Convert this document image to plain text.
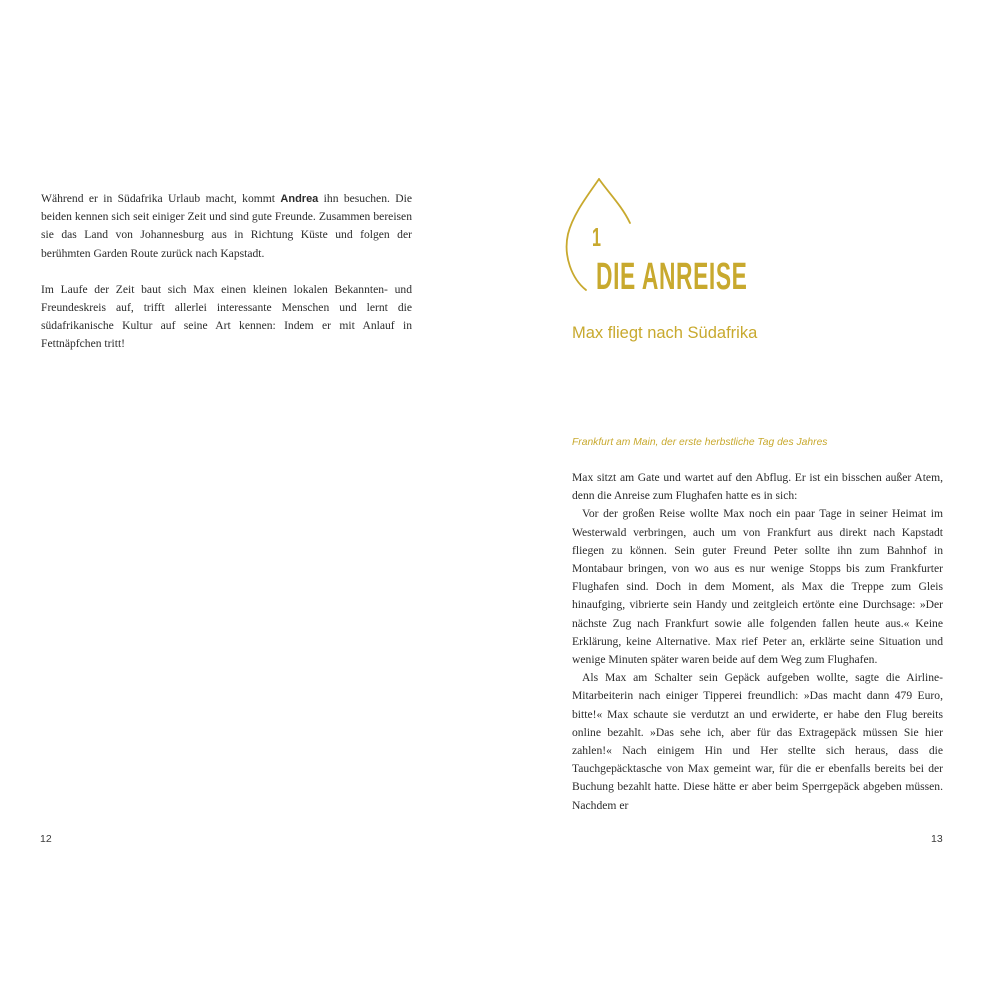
Während er in Südafrika Urlaub macht, kommt Andrea ihn besuchen. Die beiden kennen sich seit einiger Zeit und sind gute Freunde. Zusammen bereisen sie das Land von Johannesburg aus in Richtung Küste und folgen der berühmten Garden Route zurück nach Kapstadt.

Im Laufe der Zeit baut sich Max einen kleinen lokalen Bekannten- und Freundeskreis auf, trifft allerlei interessante Menschen und lernt die südafrikanische Kultur auf seine Art kennen: Indem er mit Anlauf in Fettnäpfchen tritt!

12
1
DIE ANREISE
Max fliegt nach Südafrika
Frankfurt am Main, der erste herbstliche Tag des Jahres

Max sitzt am Gate und wartet auf den Abflug. Er ist ein bisschen außer Atem, denn die Anreise zum Flughafen hatte es in sich:

Vor der großen Reise wollte Max noch ein paar Tage in seiner Heimat im Westerwald verbringen, auch um von Frankfurt aus direkt nach Kapstadt fliegen zu können. Sein guter Freund Peter sollte ihn zum Bahnhof in Montabaur bringen, von wo aus es nur wenige Stopps bis zum Frankfurter Flughafen sind. Doch in dem Moment, als Max die Treppe zum Gleis hinaufging, vibrierte sein Handy und zeitgleich ertönte eine Durchsage: »Der nächste Zug nach Frankfurt sowie alle folgenden fallen heute aus.« Keine Erklärung, keine Alternative. Max rief Peter an, erklärte seine Situation und wenige Minuten später waren beide auf dem Weg zum Flughafen.

Als Max am Schalter sein Gepäck aufgeben wollte, sagte die Airline-Mitarbeiterin nach einiger Tipperei freundlich: »Das macht dann 479 Euro, bitte!« Max schaute sie verdutzt an und erwiderte, er habe den Flug bereits online bezahlt. »Das sehe ich, aber für das Extragepäck müssen Sie hier zahlen!« Nach einigem Hin und Her stellte sich heraus, dass die Tauchgepäcktasche von Max gemeint war, für die er ebenfalls bereits bei der Buchung bezahlt hatte. Diese hätte er aber beim Sperrgepäck abgeben müssen. Nachdem er

13
